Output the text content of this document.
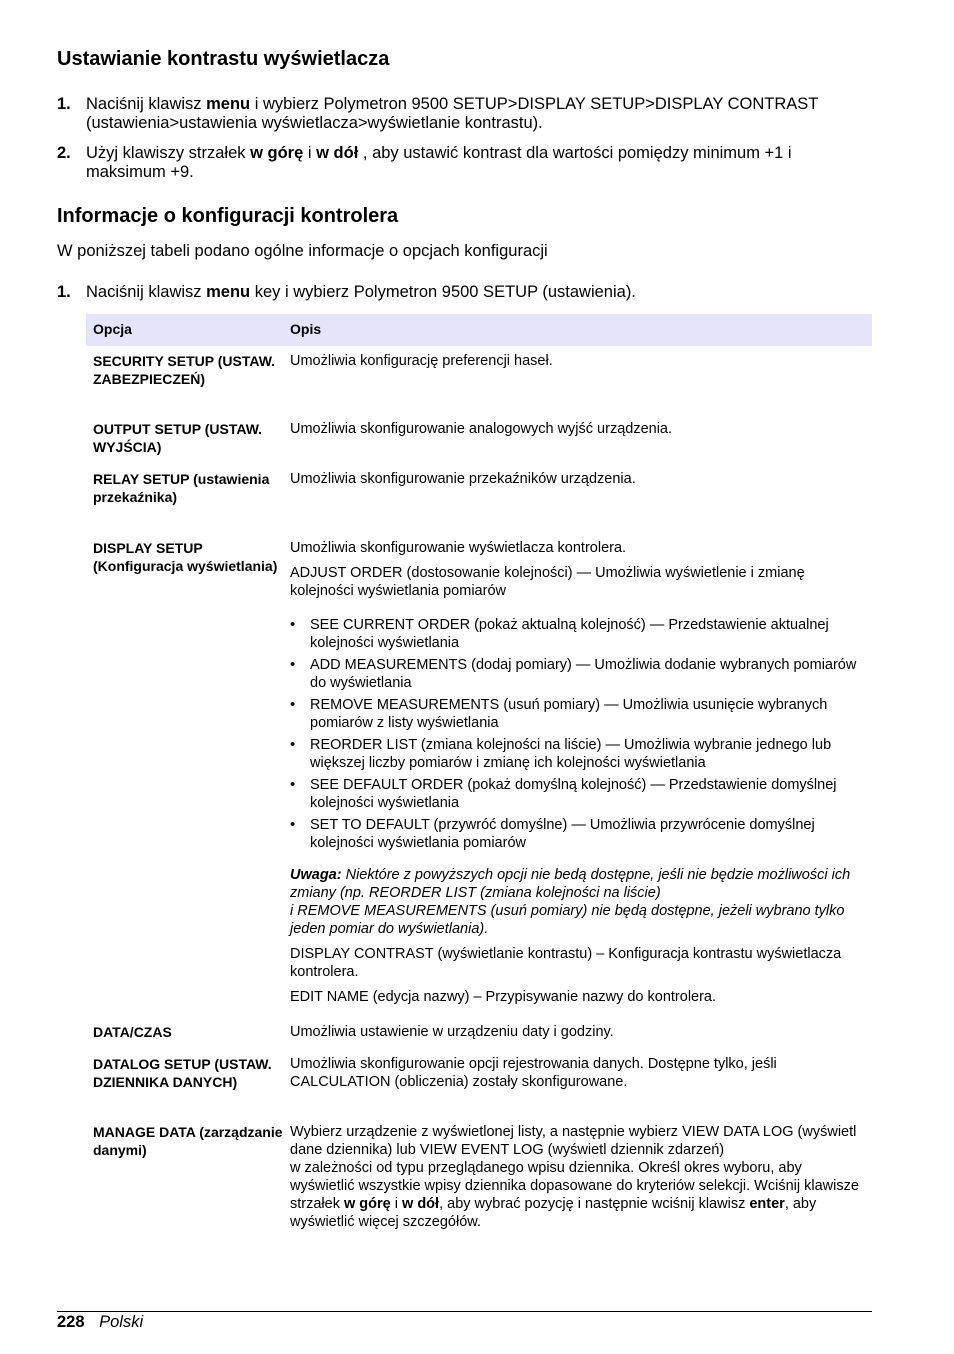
Ustawianie kontrastu wyświetlacza
1. Naciśnij klawisz menu i wybierz Polymetron 9500 SETUP>DISPLAY SETUP>DISPLAY CONTRAST (ustawienia>ustawienia wyświetlacza>wyświetlanie kontrastu).
2. Użyj klawiszy strzałek w górę i w dół , aby ustawić kontrast dla wartości pomiędzy minimum +1 i maksimum +9.
Informacje o konfiguracji kontrolera
W poniższej tabeli podano ogólne informacje o opcjach konfiguracji
1. Naciśnij klawisz menu key i wybierz Polymetron 9500 SETUP (ustawienia).
Opcja	Opis
SECURITY SETUP (USTAW. ZABEZPIECZEŃ)
Umożliwia konfigurację preferencji haseł.
OUTPUT SETUP (USTAW. WYJŚCIA)
Umożliwia skonfigurowanie analogowych wyjść urządzenia.
RELAY SETUP (ustawienia przekaźnika)
Umożliwia skonfigurowanie przekaźników urządzenia.
DISPLAY SETUP (Konfiguracja wyświetlania)

Umożliwia skonfigurowanie wyświetlacza kontrolera.

ADJUST ORDER (dostosowanie kolejności) — Umożliwia wyświetlenie i zmianę kolejności wyświetlania pomiarów

• SEE CURRENT ORDER (pokaż aktualną kolejność) — Przedstawienie aktualnej kolejności wyświetlania
• ADD MEASUREMENTS (dodaj pomiary) — Umożliwia dodanie wybranych pomiarów do wyświetlania
• REMOVE MEASUREMENTS (usuń pomiary) — Umożliwia usunięcie wybranych pomiarów z listy wyświetlania
• REORDER LIST (zmiana kolejności na liście) — Umożliwia wybranie jednego lub większej liczby pomiarów i zmianę ich kolejności wyświetlania
• SEE DEFAULT ORDER (pokaż domyślną kolejność) — Przedstawienie domyślnej kolejności wyświetlania
• SET TO DEFAULT (przywróć domyślne) — Umożliwia przywrócenie domyślnej kolejności wyświetlania pomiarów

Uwaga: Niektóre z powyższych opcji nie bedą dostępne, jeśli nie będzie możliwości ich zmiany (np. REORDER LIST (zmiana kolejności na liście)
i REMOVE MEASUREMENTS (usuń pomiary) nie będą dostępne, jeżeli wybrano tylko jeden pomiar do wyświetlania).

DISPLAY CONTRAST (wyświetlanie kontrastu) – Konfiguracja kontrastu wyświetlacza kontrolera.

EDIT NAME (edycja nazwy) – Przypisywanie nazwy do kontrolera.

DATA/CZAS	Umożliwia ustawienie w urządzeniu daty i godziny.
DATALOG SETUP (USTAW. DZIENNIKA DANYCH)
Umożliwia skonfigurowanie opcji rejestrowania danych. Dostępne tylko, jeśli CALCULATION (obliczenia) zostały skonfigurowane.
MANAGE DATA (zarządzanie danymi)
Wybierz urządzenie z wyświetlonej listy, a następnie wybierz VIEW DATA LOG (wyświetl dane dziennika) lub VIEW EVENT LOG (wyświetl dziennik zdarzeń)
w zależności od typu przeglądanego wpisu dziennika. Określ okres wyboru, aby wyświetlić wszystkie wpisy dziennika dopasowane do kryteriów selekcji. Wciśnij klawisze strzałek w górę i w dół, aby wybrać pozycję i następnie wciśnij klawisz enter, aby wyświetlić więcej szczegółów.
228 Polski
